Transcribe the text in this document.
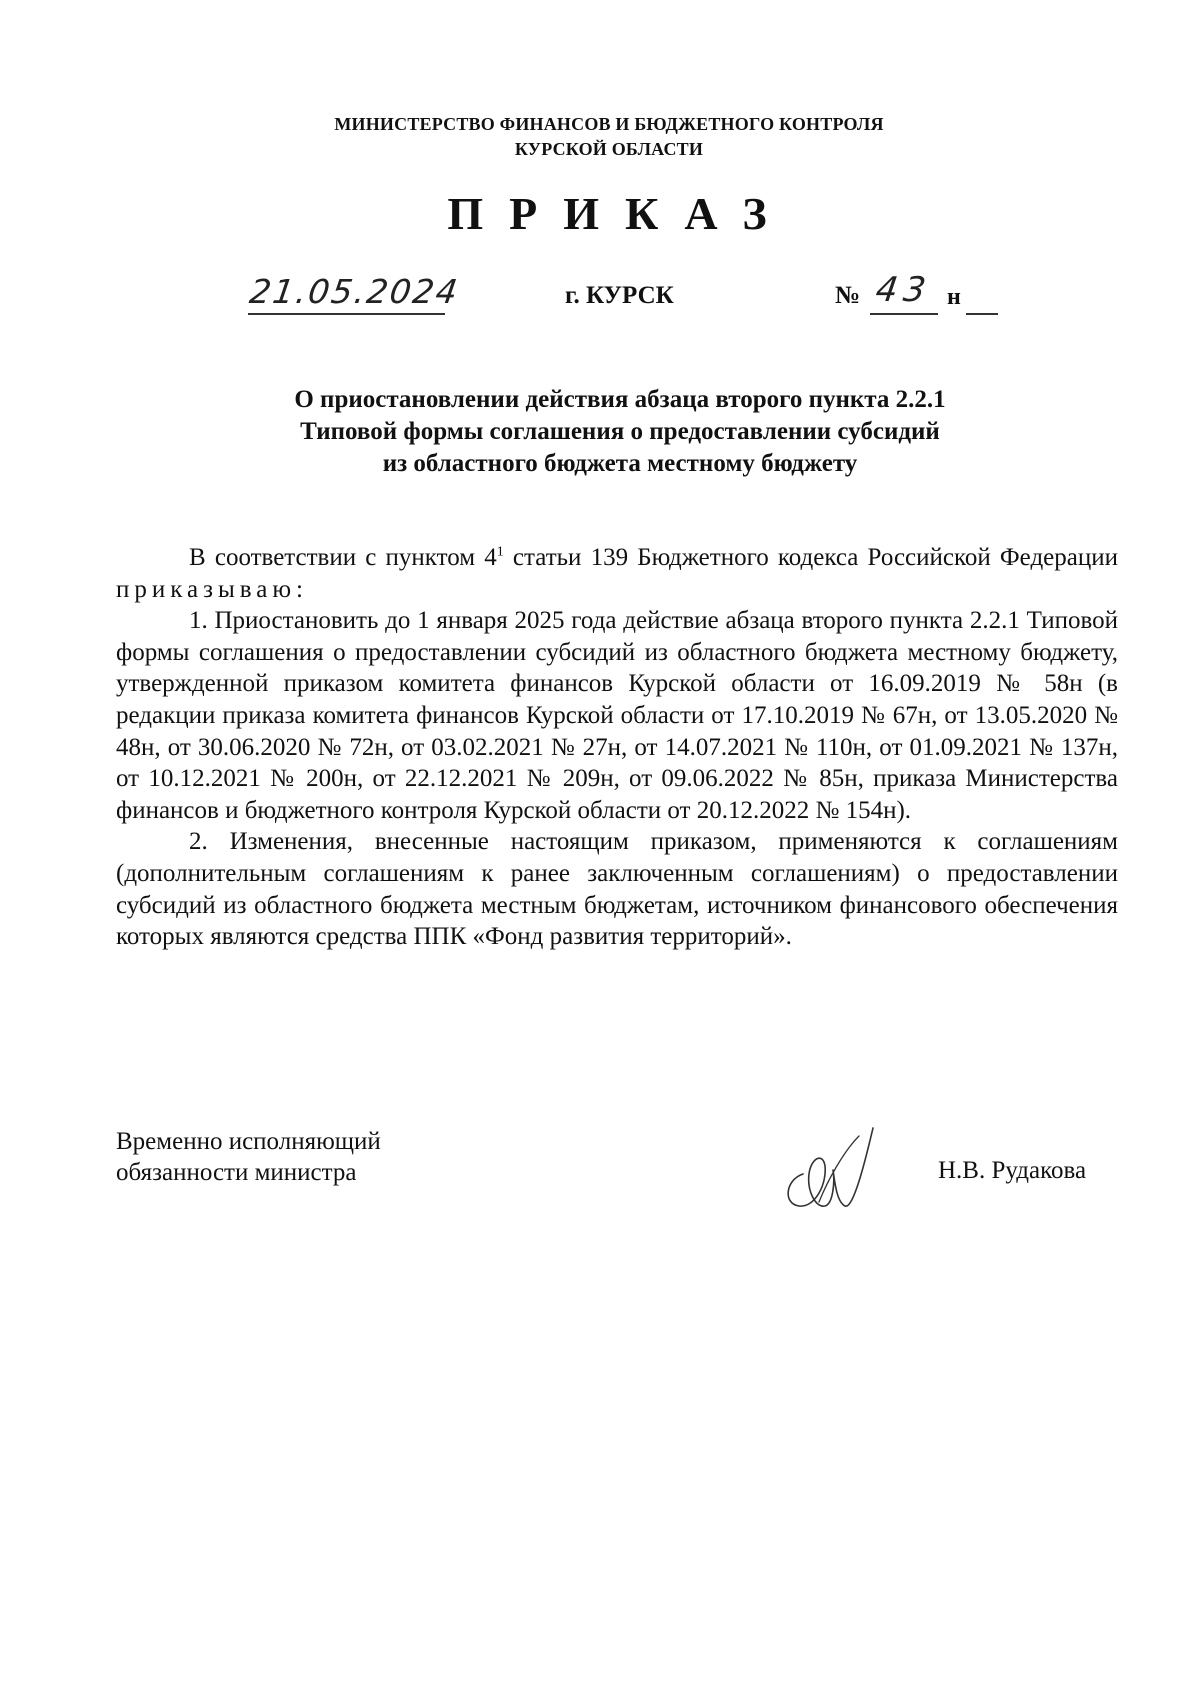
МИНИСТЕРСТВО ФИНАНСОВ И БЮДЖЕТНОГО КОНТРОЛЯ
КУРСКОЙ ОБЛАСТИ
ПРИКАЗ
21.05.2024	г. КУРСК	№ 43 н
О приостановлении действия абзаца второго пункта 2.2.1
Типовой формы соглашения о предоставлении субсидий
из областного бюджета местному бюджету

В соответствии с пунктом $4^1$ статьи 139 Бюджетного кодекса Российской Федерации приказываю:

1. Приостановить до 1 января 2025 года действие абзаца второго пункта 2.2.1 Типовой формы соглашения о предоставлении субсидий из областного бюджета местному бюджету, утвержденной приказом комитета финансов Курской области от 16.09.2019 № 58н (в редакции приказа комитета финансов Курской области от 17.10.2019 № 67н, от 13.05.2020 № 48н, от 30.06.2020 № 72н, от 03.02.2021 № 27н, от 14.07.2021 № 110н, от 01.09.2021 № 137н, от 10.12.2021 № 200н, от 22.12.2021 № 209н, от 09.06.2022 № 85н, приказа Министерства финансов и бюджетного контроля Курской области от 20.12.2022 № 154н).

2. Изменения, внесенные настоящим приказом, применяются к соглашениям (дополнительным соглашениям к ранее заключенным соглашениям) о предоставлении субсидий из областного бюджета местным бюджетам, источником финансового обеспечения которых являются средства ППК «Фонд развития территорий».

Временно исполняющий
обязанности министра	Н.В. Рудакова
